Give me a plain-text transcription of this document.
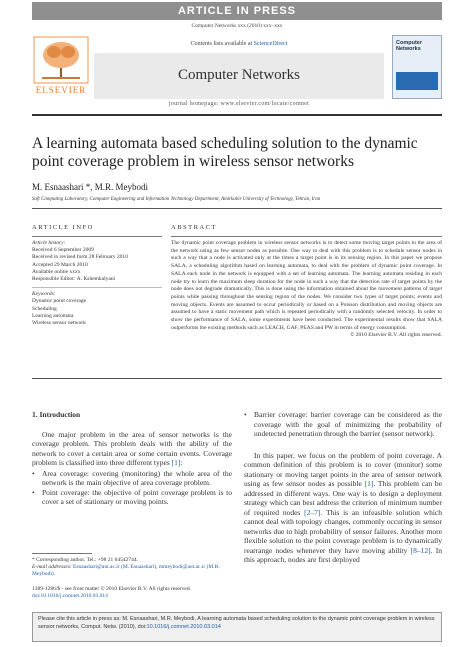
ARTICLE IN PRESS
Computer Networks xxx (2010) xxx–xxx
ELSEVIER
Contents lists available at ScienceDirect
Computer Networks
Computer Networks
journal homepage: www.elsevier.com/locate/comnet
A learning automata based scheduling solution to the dynamic point coverage problem in wireless sensor networks
M. Esnaashari *, M.R. Meybodi
Soft Computing Laboratory, Computer Engineering and Information Technology Department, Amirkabir University of Technology, Tehran, Iran
ARTICLE INFO
Article history:
Received 6 September 2009
Received in revised form 28 February 2010
Accepted 29 March 2010
Available online xxxx
Responsible Editor: A. Kshemkalyani
Keywords:
Dynamic point coverage
Scheduling
Learning automata
Wireless sensor network
ABSTRACT
The dynamic point coverage problem in wireless sensor networks is to detect some moving target points in the area of the network using as few sensor nodes as possible. One way to deal with this problem is to schedule sensor nodes in such a way that a node is activated only at the times a target point is in its sensing region. In this paper we propose SALA, a scheduling algorithm based on learning automata, to deal with the problem of dynamic point coverage. In SALA each node in the network is equipped with a set of learning automata. The learning automata residing in each node try to learn the maximum sleep duration for the node in such a way that the detection rate of target points by the node does not degrade dramatically. This is done using the information obtained about the movement patterns of target points while passing throughout the sensing region of the nodes. We consider two types of target points; events and moving objects. Events are assumed to occur periodically or based on a Poisson distribution and moving objects are assumed to have a static movement path which is repeated periodically with a randomly selected velocity. In order to show the performance of SALA, some experiments have been conducted. The experimental results show that SALA outperforms the existing methods such as LEACH, GAF, PEAS and PW in terms of energy consumption.
© 2010 Elsevier B.V. All rights reserved.
1. Introduction
One major problem in the area of sensor networks is the coverage problem. This problem deals with the ability of the network to cover a certain area or some certain events. Coverage problem is classified into three different types [1]:
• Area coverage: covering (monitoring) the whole area of the network is the main objective of area coverage problem.
• Point coverage: the objective of point coverage problem is to cover a set of stationary or moving points.
• Barrier coverage: barrier coverage can be considered as the coverage with the goal of minimizing the probability of undetected penetration through the barrier (sensor network).
In this paper, we focus on the problem of point coverage. A common definition of this problem is to cover (monitor) some stationary or moving target points in the area of sensor network using as few sensor nodes as possible [1]. This problem can be addressed in different ways. One way is to design a deployment strategy which can best address the criterion of minimum number of required nodes [2–7]. This is an infeasible solution which cannot deal with topology changes, commonly occuring in sensor networks due to high probability of sensor failures. Another more flexible solution to the point coverage problem is to dynamically rearrange nodes whenever they have moving ability [8–12]. In this approach, nodes are first deployed
* Corresponding author. Tel.: +98 21 64542744.
E-mail addresses: Esnaashari@aut.ac.ir (M. Esnaashari), mmeybodi@aut.ac.ir (M.R. Meybodi).
1389-1286/$ - see front matter © 2010 Elsevier B.V. All rights reserved.
doi:10.1016/j.comnet.2010.03.014
Please cite this article in press as: M. Esnaashari, M.R. Meybodi, A learning automata based scheduling solution to the dynamic point coverage problem in wireless sensor networks, Comput. Netw. (2010), doi:10.1016/j.comnet.2010.03.014
